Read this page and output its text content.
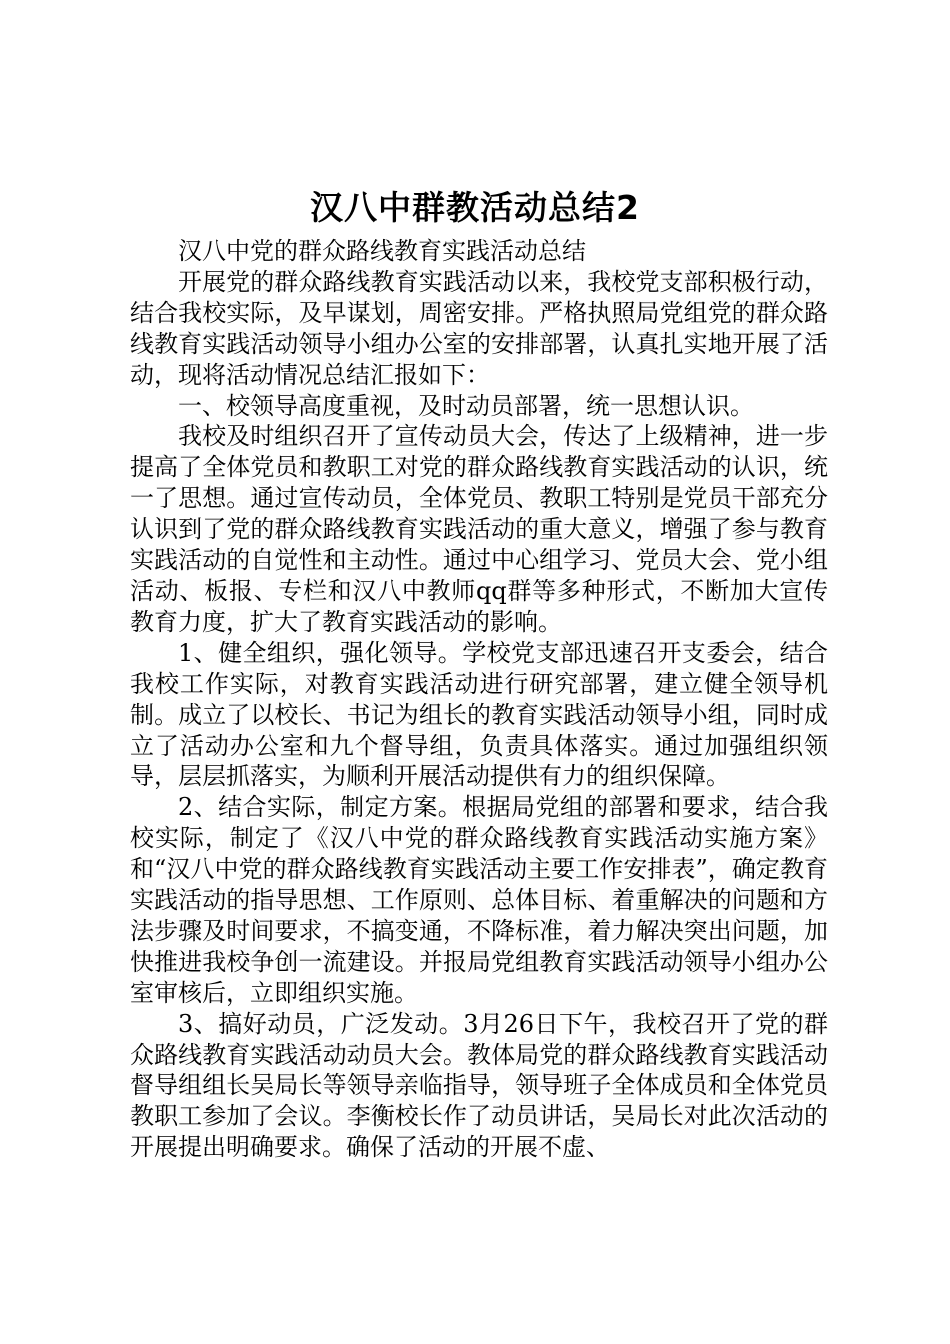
汉八中群教活动总结2

汉八中党的群众路线教育实践活动总结

开展党的群众路线教育实践活动以来，我校党支部积极行动，结合我校实际，及早谋划，周密安排。严格执照局党组党的群众路线教育实践活动领导小组办公室的安排部署，认真扎实地开展了活动，现将活动情况总结汇报如下：

一、校领导高度重视，及时动员部署，统一思想认识。

我校及时组织召开了宣传动员大会，传达了上级精神，进一步提高了全体党员和教职工对党的群众路线教育实践活动的认识，统一了思想。通过宣传动员，全体党员、教职工特别是党员干部充分认识到了党的群众路线教育实践活动的重大意义，增强了参与教育实践活动的自觉性和主动性。通过中心组学习、党员大会、党小组活动、板报、专栏和汉八中教师qq群等多种形式，不断加大宣传教育力度，扩大了教育实践活动的影响。

1、健全组织，强化领导。学校党支部迅速召开支委会，结合我校工作实际，对教育实践活动进行研究部署，建立健全领导机制。成立了以校长、书记为组长的教育实践活动领导小组，同时成立了活动办公室和九个督导组，负责具体落实。通过加强组织领导，层层抓落实，为顺利开展活动提供有力的组织保障。

2、结合实际，制定方案。根据局党组的部署和要求，结合我校实际，制定了《汉八中党的群众路线教育实践活动实施方案》和“汉八中党的群众路线教育实践活动主要工作安排表”，确定教育实践活动的指导思想、工作原则、总体目标、着重解决的问题和方法步骤及时间要求，不搞变通，不降标准，着力解决突出问题，加快推进我校争创一流建设。并报局党组教育实践活动领导小组办公室审核后，立即组织实施。

3、搞好动员，广泛发动。3月26日下午，我校召开了党的群众路线教育实践活动动员大会。教体局党的群众路线教育实践活动督导组组长吴局长等领导亲临指导，领导班子全体成员和全体党员教职工参加了会议。李衡校长作了动员讲话，吴局长对此次活动的开展提出明确要求。确保了活动的开展不虚、
